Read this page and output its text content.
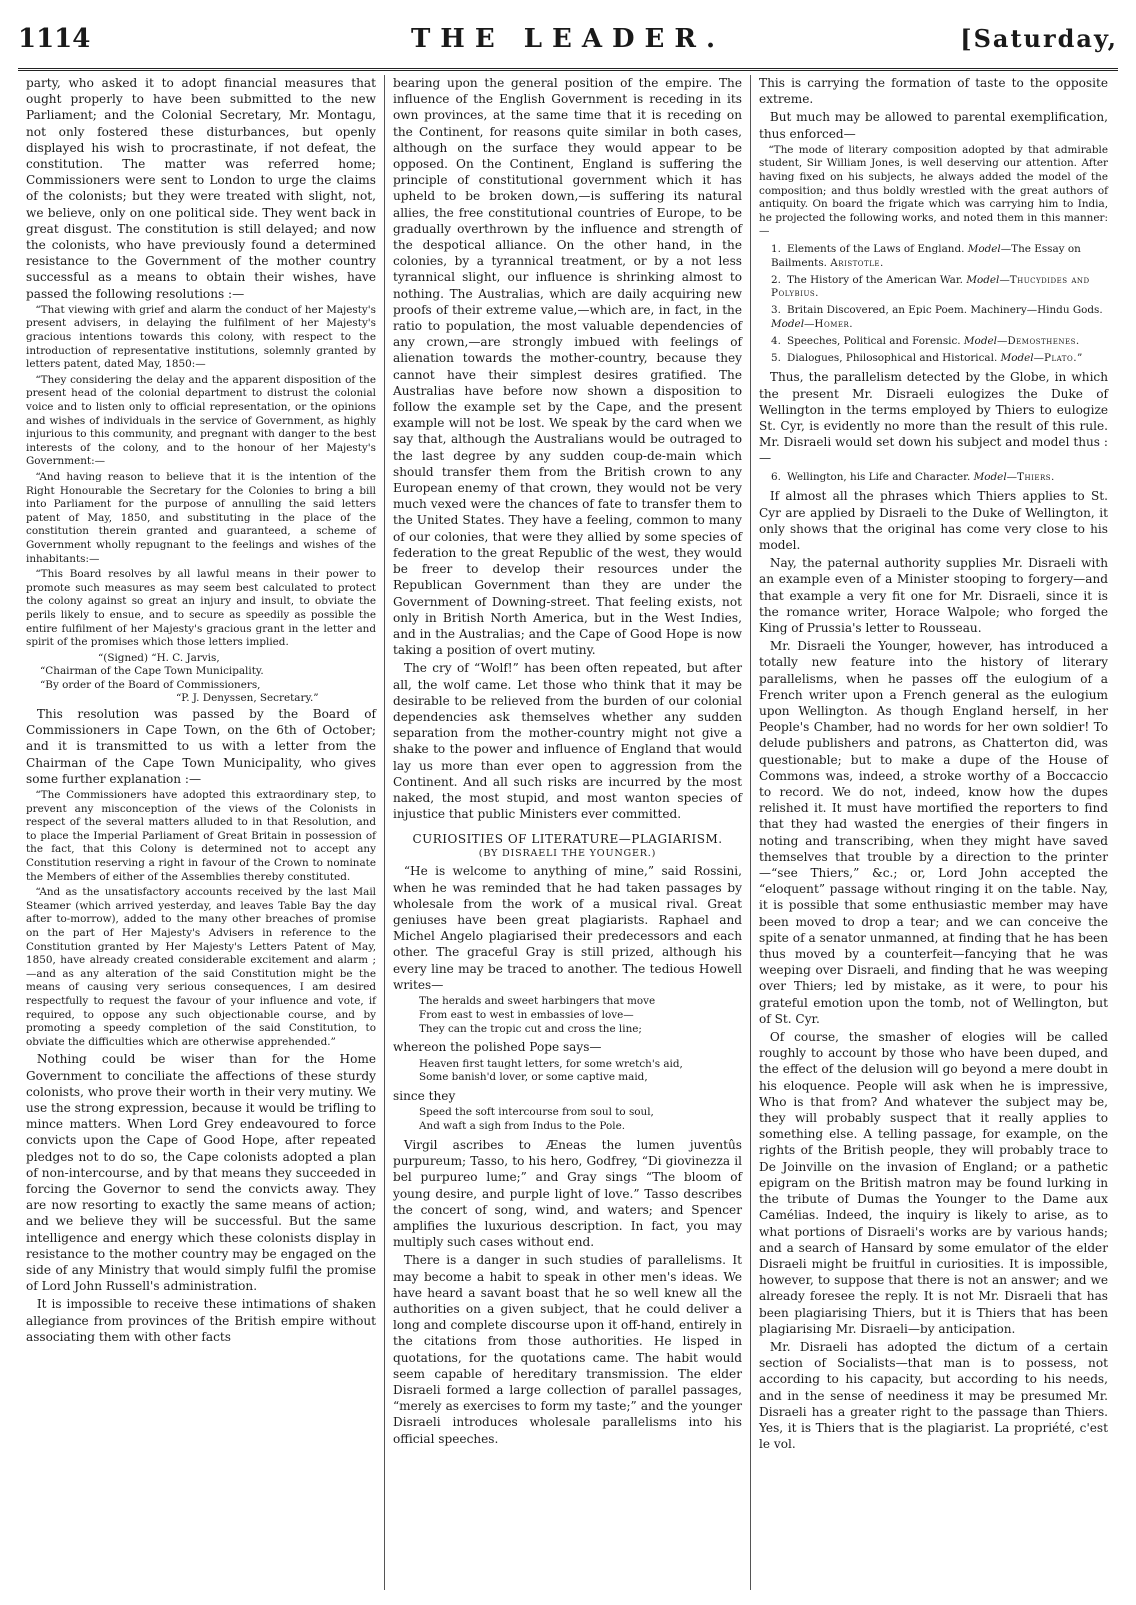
1114	THE LEADER.	[Saturday,

party, who asked it to adopt financial measures that ought properly to have been submitted to the new Parliament; and the Colonial Secretary, Mr. Montagu, not only fostered these disturbances, but openly displayed his wish to procrastinate, if not defeat, the constitution. The matter was referred home; Commissioners were sent to London to urge the claims of the colonists; but they were treated with slight, not, we believe, only on one political side. They went back in great disgust. The constitution is still delayed; and now the colonists, who have previously found a determined resistance to the Government of the mother country successful as a means to obtain their wishes, have passed the following resolutions :—

“That viewing with grief and alarm the conduct of her Majesty's present advisers, in delaying the fulfilment of her Majesty's gracious intentions towards this colony, with respect to the introduction of representative institutions, solemnly granted by letters patent, dated May, 1850:—

“They considering the delay and the apparent disposition of the present head of the colonial department to distrust the colonial voice and to listen only to official representation, or the opinions and wishes of individuals in the service of Government, as highly injurious to this community, and pregnant with danger to the best interests of the colony, and to the honour of her Majesty's Government:—

“And having reason to believe that it is the intention of the Right Honourable the Secretary for the Colonies to bring a bill into Parliament for the purpose of annulling the said letters patent of May, 1850, and substituting in the place of the constitution therein granted and guaranteed, a scheme of Government wholly repugnant to the feelings and wishes of the inhabitants:—

“This Board resolves by all lawful means in their power to promote such measures as may seem best calculated to protect the colony against so great an injury and insult, to obviate the perils likely to ensue, and to secure as speedily as possible the entire fulfilment of her Majesty's gracious grant in the letter and spirit of the promises which those letters implied.

“(Signed) “H. C. Jarvis,

“Chairman of the Cape Town Municipality.

“By order of the Board of Commissioners,

“P. J. Denyssen, Secretary.”

This resolution was passed by the Board of Commissioners in Cape Town, on the 6th of October; and it is transmitted to us with a letter from the Chairman of the Cape Town Municipality, who gives some further explanation :—

“The Commissioners have adopted this extraordinary step, to prevent any misconception of the views of the Colonists in respect of the several matters alluded to in that Resolution, and to place the Imperial Parliament of Great Britain in possession of the fact, that this Colony is determined not to accept any Constitution reserving a right in favour of the Crown to nominate the Members of either of the Assemblies thereby constituted.

“And as the unsatisfactory accounts received by the last Mail Steamer (which arrived yesterday, and leaves Table Bay the day after to-morrow), added to the many other breaches of promise on the part of Her Majesty's Advisers in reference to the Constitution granted by Her Majesty's Letters Patent of May, 1850, have already created considerable excitement and alarm ;—and as any alteration of the said Constitution might be the means of causing very serious consequences, I am desired respectfully to request the favour of your influence and vote, if required, to oppose any such objectionable course, and by promoting a speedy completion of the said Constitution, to obviate the difficulties which are otherwise apprehended.”

Nothing could be wiser than for the Home Government to conciliate the affections of these sturdy colonists, who prove their worth in their very mutiny. We use the strong expression, because it would be trifling to mince matters. When Lord Grey endeavoured to force convicts upon the Cape of Good Hope, after repeated pledges not to do so, the Cape colonists adopted a plan of non-intercourse, and by that means they succeeded in forcing the Governor to send the convicts away. They are now resorting to exactly the same means of action; and we believe they will be successful. But the same intelligence and energy which these colonists display in resistance to the mother country may be engaged on the side of any Ministry that would simply fulfil the promise of Lord John Russell's administration.

It is impossible to receive these intimations of shaken allegiance from provinces of the British empire without associating them with other facts

bearing upon the general position of the empire. The influence of the English Government is receding in its own provinces, at the same time that it is receding on the Continent, for reasons quite similar in both cases, although on the surface they would appear to be opposed. On the Continent, England is suffering the principle of constitutional government which it has upheld to be broken down,—is suffering its natural allies, the free constitutional countries of Europe, to be gradually overthrown by the influence and strength of the despotical alliance. On the other hand, in the colonies, by a tyrannical treatment, or by a not less tyrannical slight, our influence is shrinking almost to nothing. The Australias, which are daily acquiring new proofs of their extreme value,—which are, in fact, in the ratio to population, the most valuable dependencies of any crown,—are strongly imbued with feelings of alienation towards the mother-country, because they cannot have their simplest desires gratified. The Australias have before now shown a disposition to follow the example set by the Cape, and the present example will not be lost. We speak by the card when we say that, although the Australians would be outraged to the last degree by any sudden coup-de-main which should transfer them from the British crown to any European enemy of that crown, they would not be very much vexed were the chances of fate to transfer them to the United States. They have a feeling, common to many of our colonies, that were they allied by some species of federation to the great Republic of the west, they would be freer to develop their resources under the Republican Government than they are under the Government of Downing-street. That feeling exists, not only in British North America, but in the West Indies, and in the Australias; and the Cape of Good Hope is now taking a position of overt mutiny.

The cry of “Wolf!” has been often repeated, but after all, the wolf came. Let those who think that it may be desirable to be relieved from the burden of our colonial dependencies ask themselves whether any sudden separation from the mother-country might not give a shake to the power and influence of England that would lay us more than ever open to aggression from the Continent. And all such risks are incurred by the most naked, the most stupid, and most wanton species of injustice that public Ministers ever committed.

CURIOSITIES OF LITERATURE—PLAGIARISM.
(BY DISRAELI THE YOUNGER.)

“He is welcome to anything of mine,” said Rossini, when he was reminded that he had taken passages by wholesale from the work of a musical rival. Great geniuses have been great plagiarists. Raphael and Michel Angelo plagiarised their predecessors and each other. The graceful Gray is still prized, although his every line may be traced to another. The tedious Howell writes—

The heralds and sweet harbingers that move
From east to west in embassies of love—
They can the tropic cut and cross the line;

whereon the polished Pope says—

Heaven first taught letters, for some wretch's aid,
Some banish'd lover, or some captive maid,

since they

Speed the soft intercourse from soul to soul,
And waft a sigh from Indus to the Pole.

Virgil ascribes to Æneas the lumen juventûs purpureum; Tasso, to his hero, Godfrey, “Di giovinezza il bel purpureo lume;” and Gray sings “The bloom of young desire, and purple light of love.” Tasso describes the concert of song, wind, and waters; and Spencer amplifies the luxurious description. In fact, you may multiply such cases without end.

There is a danger in such studies of parallelisms. It may become a habit to speak in other men's ideas. We have heard a savant boast that he so well knew all the authorities on a given subject, that he could deliver a long and complete discourse upon it off-hand, entirely in the citations from those authorities. He lisped in quotations, for the quotations came. The habit would seem capable of hereditary transmission. The elder Disraeli formed a large collection of parallel passages, “merely as exercises to form my taste;” and the younger Disraeli introduces wholesale parallelisms into his official speeches.

This is carrying the formation of taste to the opposite extreme.

But much may be allowed to parental exemplification, thus enforced—

“The mode of literary composition adopted by that admirable student, Sir William Jones, is well deserving our attention. After having fixed on his subjects, he always added the model of the composition; and thus boldly wrestled with the great authors of antiquity. On board the frigate which was carrying him to India, he projected the following works, and noted them in this manner:—

1. Elements of the Laws of England. Model—The Essay on Bailments. Aristotle.
2. The History of the American War. Model—Thucydides and Polybius.
3. Britain Discovered, an Epic Poem. Machinery—Hindu Gods. Model—Homer.
4. Speeches, Political and Forensic. Model—Demosthenes.
5. Dialogues, Philosophical and Historical. Model—Plato.”

Thus, the parallelism detected by the Globe, in which the present Mr. Disraeli eulogizes the Duke of Wellington in the terms employed by Thiers to eulogize St. Cyr, is evidently no more than the result of this rule. Mr. Disraeli would set down his subject and model thus :—

6. Wellington, his Life and Character. Model—Thiers.

If almost all the phrases which Thiers applies to St. Cyr are applied by Disraeli to the Duke of Wellington, it only shows that the original has come very close to his model.

Nay, the paternal authority supplies Mr. Disraeli with an example even of a Minister stooping to forgery—and that example a very fit one for Mr. Disraeli, since it is the romance writer, Horace Walpole; who forged the King of Prussia's letter to Rousseau.

Mr. Disraeli the Younger, however, has introduced a totally new feature into the history of literary parallelisms, when he passes off the eulogium of a French writer upon a French general as the eulogium upon Wellington. As though England herself, in her People's Chamber, had no words for her own soldier! To delude publishers and patrons, as Chatterton did, was questionable; but to make a dupe of the House of Commons was, indeed, a stroke worthy of a Boccaccio to record. We do not, indeed, know how the dupes relished it. It must have mortified the reporters to find that they had wasted the energies of their fingers in noting and transcribing, when they might have saved themselves that trouble by a direction to the printer—“see Thiers,” &c.; or, Lord John accepted the “eloquent” passage without ringing it on the table. Nay, it is possible that some enthusiastic member may have been moved to drop a tear; and we can conceive the spite of a senator unmanned, at finding that he has been thus moved by a counterfeit—fancying that he was weeping over Disraeli, and finding that he was weeping over Thiers; led by mistake, as it were, to pour his grateful emotion upon the tomb, not of Wellington, but of St. Cyr.

Of course, the smasher of elogies will be called roughly to account by those who have been duped, and the effect of the delusion will go beyond a mere doubt in his eloquence. People will ask when he is impressive, Who is that from? And whatever the subject may be, they will probably suspect that it really applies to something else. A telling passage, for example, on the rights of the British people, they will probably trace to De Joinville on the invasion of England; or a pathetic epigram on the British matron may be found lurking in the tribute of Dumas the Younger to the Dame aux Camélias. Indeed, the inquiry is likely to arise, as to what portions of Disraeli's works are by various hands; and a search of Hansard by some emulator of the elder Disraeli might be fruitful in curiosities. It is impossible, however, to suppose that there is not an answer; and we already foresee the reply. It is not Mr. Disraeli that has been plagiarising Thiers, but it is Thiers that has been plagiarising Mr. Disraeli—by anticipation.

Mr. Disraeli has adopted the dictum of a certain section of Socialists—that man is to possess, not according to his capacity, but according to his needs, and in the sense of neediness it may be presumed Mr. Disraeli has a greater right to the passage than Thiers. Yes, it is Thiers that is the plagiarist. La propriété, c'est le vol.
